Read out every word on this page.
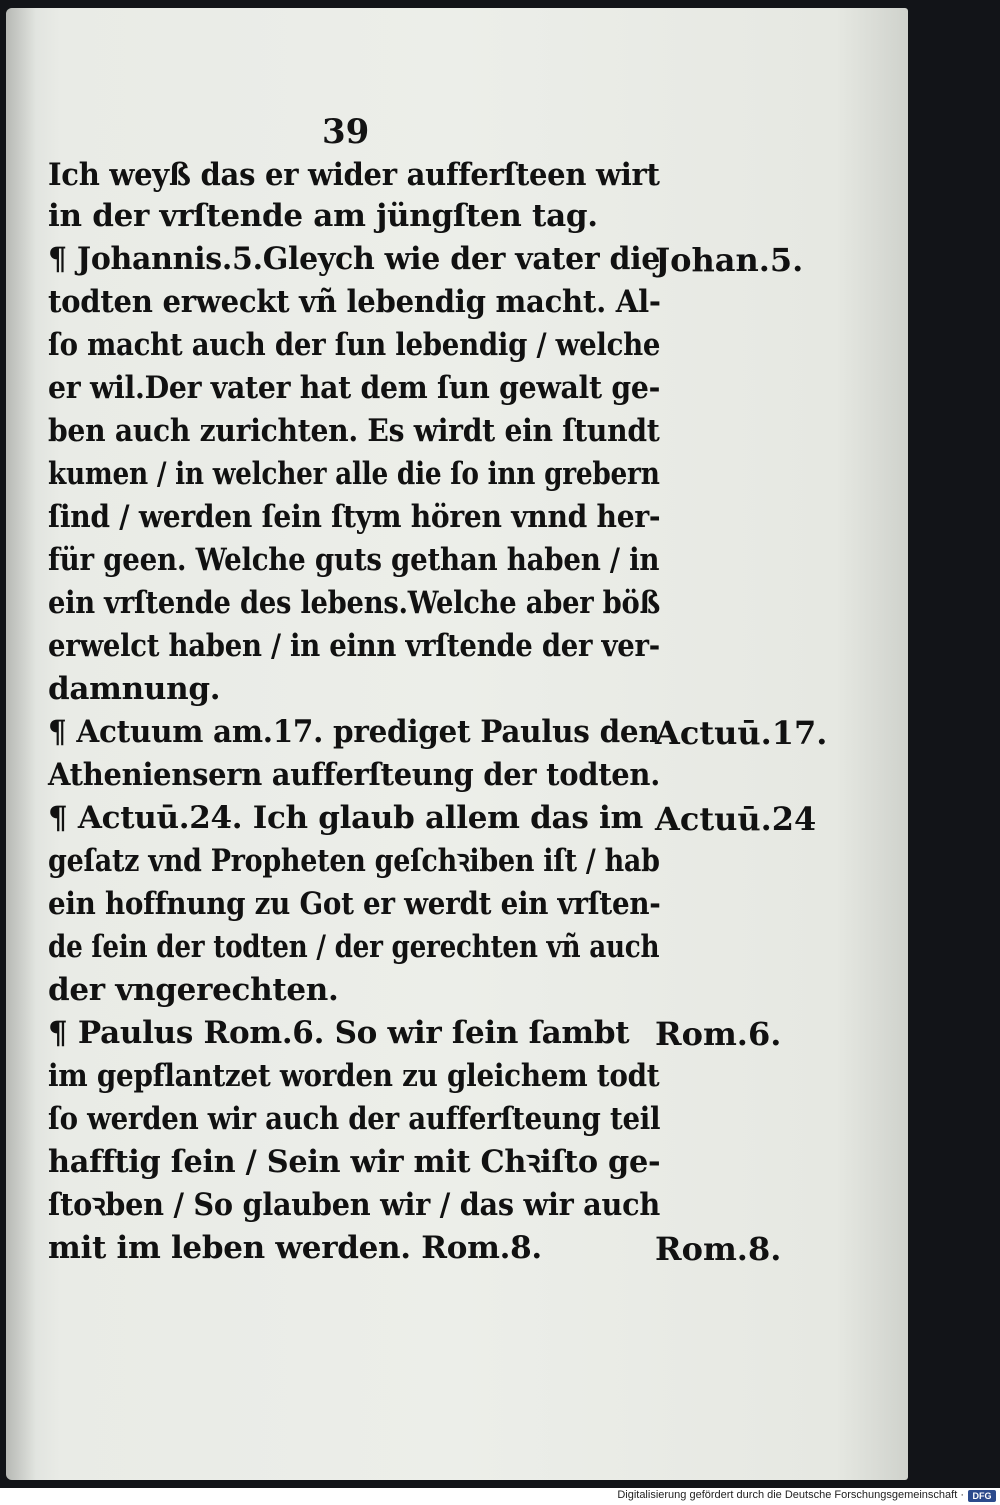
39
Ich weyß das er wider aufferſteen wirt
in der vrſtende am jüngſten tag.
¶ Johannis.5.Gleych wie der vater die
todten erweckt vñ lebendig macht. Al-
ſo macht auch der ſun lebendig / welche
er wil.Der vater hat dem ſun gewalt ge-
ben auch zurichten. Es wirdt ein ſtundt
kumen / in welcher alle die ſo inn grebern
ſind / werden ſein ſtym hören vnnd her-
für geen. Welche guts gethan haben / in
ein vrſtende des lebens.Welche aber böß
erwelct haben / in einn vrſtende der ver-
damnung.
¶ Actuum am.17. prediget Paulus den
Atheniensern aufferſteung der todten.
¶ Actuū.24. Ich glaub allem das im
geſatz vnd Propheten geſchꝛiben iſt / hab
ein hoffnung zu Got er werdt ein vrſten-
de ſein der todten / der gerechten vñ auch
der vngerechten.
¶ Paulus Rom.6. So wir ſein ſambt
im gepflantzet worden zu gleichem todt
ſo werden wir auch der aufferſteung teil
hafftig ſein / Sein wir mit Chꝛiſto ge-
ſtoꝛben / So glauben wir / das wir auch
mit im leben werden. Rom.8.
Johan.5.
Actuū.17.
Actuū.24
Rom.6.
Rom.8.
Digitalisierung gefördert durch die Deutsche Forschungsgemeinschaft · DFG
